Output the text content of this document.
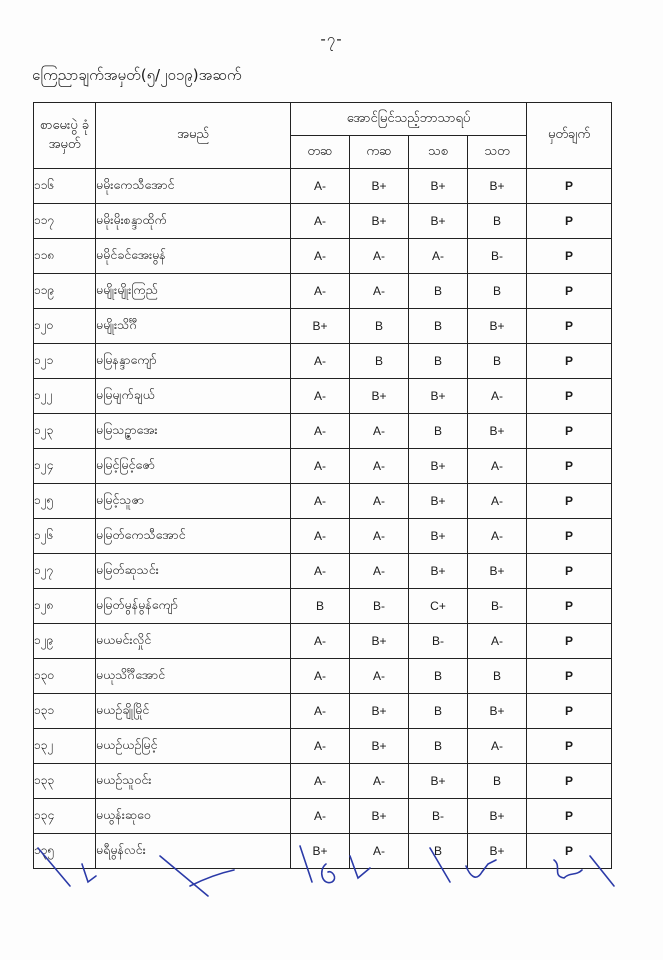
-၇-
ကြေညာချက်အမှတ်(၅/၂၀၁၉)အဆက်
စာမေးပွဲ ခုံအမှတ်	အမည်	အောင်မြင်သည့်ဘာသာရပ်				မှတ်ချက်
		တဆ	ကဆ	သစ	သတ	
၁၁၆	မမိုးကေသီအောင်	A-	B+	B+	B+	P
၁၁၇	မမိုးမိုးစန္ဒာထိုက်	A-	B+	B+	B	P
၁၁၈	မမိုင်ခင်အေးမွန်	A-	A-	A-	B-	P
၁၁၉	မမျိုးမျိုးကြည်	A-	A-	B	B	P
၁၂၀	မမျိုးသိင်္ဂီ	B+	B	B	B+	P
၁၂၁	မမြနန္ဒာကျော်	A-	B	B	B	P
၁၂၂	မမြမျက်ချယ်	A-	B+	B+	A-	P
၁၂၃	မမြသဉ္ဇာအေး	A-	A-	B	B+	P
၁၂၄	မမြင့်မြင့်ဇော်	A-	A-	B+	A-	P
၁၂၅	မမြင့်သူဇာ	A-	A-	B+	A-	P
၁၂၆	မမြတ်ကေသီအောင်	A-	A-	B+	A-	P
၁၂၇	မမြတ်ဆုသင်း	A-	A-	B+	B+	P
၁၂၈	မမြတ်မွန်မွန်ကျော်	B	B-	C+	B-	P
၁၂၉	မယမင်းလှိုင်	A-	B+	B-	A-	P
၁၃၀	မယုသိင်္ဂီအောင်	A-	A-	B	B	P
၁၃၁	မယဉ်ချိုမြိုင်	A-	B+	B	B+	P
၁၃၂	မယဉ်ယဉ်မြင့်	A-	B+	B	A-	P
၁၃၃	မယဉ်သူဝင်း	A-	A-	B+	B	P
၁၃၄	မယွန်းဆုဝေ	A-	B+	B-	B+	P
၁၃၅	မရီမွန်လင်း	B+	A-	B	B+	P
